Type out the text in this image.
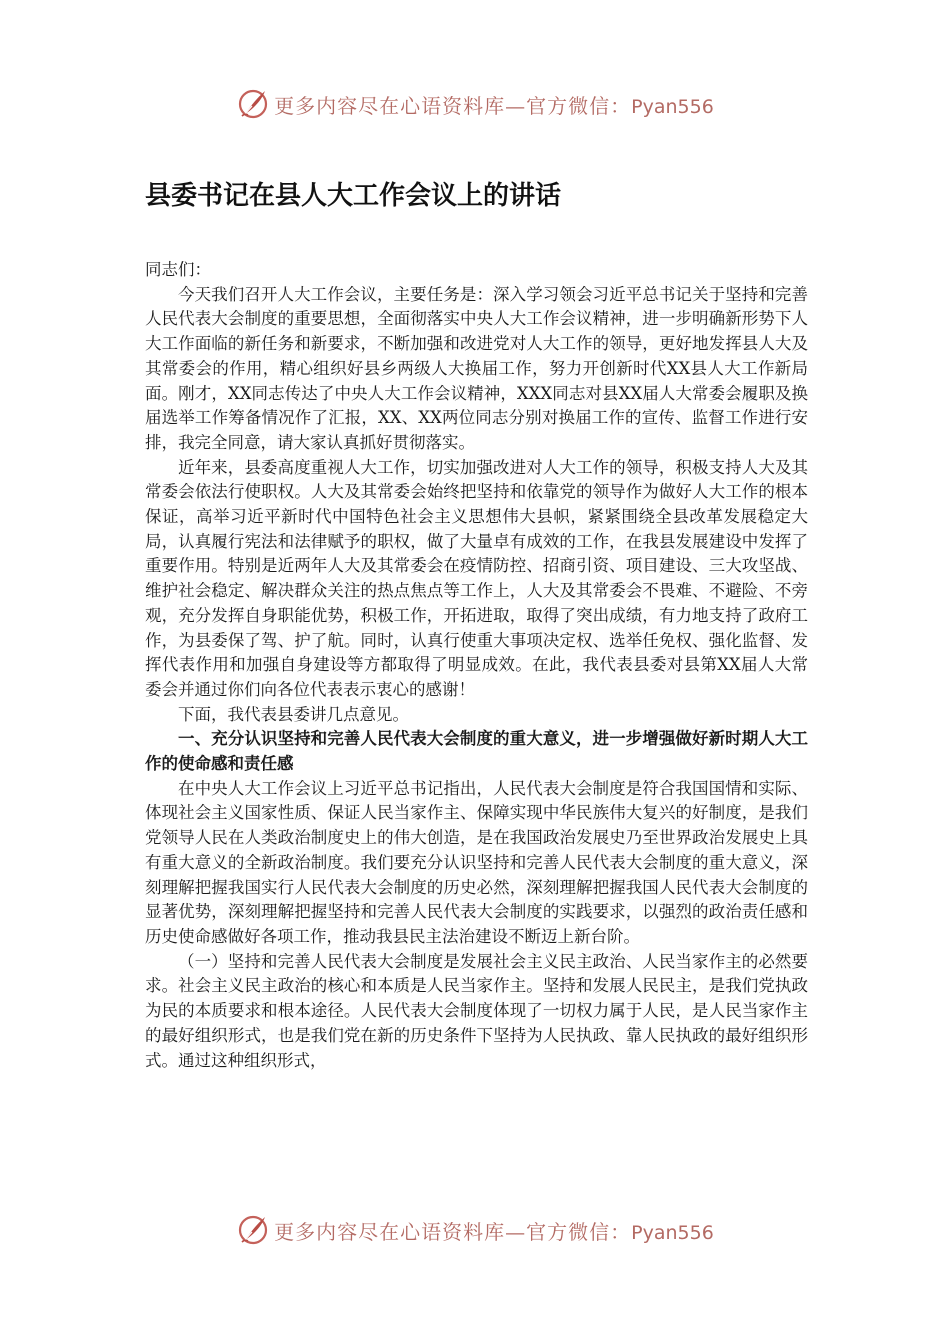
更多内容尽在心语资料库—官方微信：Pyan556
县委书记在县人大工作会议上的讲话

同志们：

今天我们召开人大工作会议，主要任务是：深入学习领会习近平总书记关于坚持和完善人民代表大会制度的重要思想，全面彻落实中央人大工作会议精神，进一步明确新形势下人大工作面临的新任务和新要求，不断加强和改进党对人大工作的领导，更好地发挥县人大及其常委会的作用，精心组织好县乡两级人大换届工作，努力开创新时代XX县人大工作新局面。刚才，XX同志传达了中央人大工作会议精神，XXX同志对县XX届人大常委会履职及换届选举工作筹备情况作了汇报，XX、XX两位同志分别对换届工作的宣传、监督工作进行安排，我完全同意，请大家认真抓好贯彻落实。

近年来，县委高度重视人大工作，切实加强改进对人大工作的领导，积极支持人大及其常委会依法行使职权。人大及其常委会始终把坚持和依靠党的领导作为做好人大工作的根本保证，高举习近平新时代中国特色社会主义思想伟大县帜，紧紧围绕全县改革发展稳定大局，认真履行宪法和法律赋予的职权，做了大量卓有成效的工作，在我县发展建设中发挥了重要作用。特别是近两年人大及其常委会在疫情防控、招商引资、项目建设、三大攻坚战、维护社会稳定、解决群众关注的热点焦点等工作上，人大及其常委会不畏难、不避险、不旁观，充分发挥自身职能优势，积极工作，开拓进取，取得了突出成绩，有力地支持了政府工作，为县委保了驾、护了航。同时，认真行使重大事项决定权、选举任免权、强化监督、发挥代表作用和加强自身建设等方都取得了明显成效。在此，我代表县委对县第XX届人大常委会并通过你们向各位代表表示衷心的感谢！

下面，我代表县委讲几点意见。

一、充分认识坚持和完善人民代表大会制度的重大意义，进一步增强做好新时期人大工作的使命感和责任感

在中央人大工作会议上习近平总书记指出，人民代表大会制度是符合我国国情和实际、体现社会主义国家性质、保证人民当家作主、保障实现中华民族伟大复兴的好制度，是我们党领导人民在人类政治制度史上的伟大创造，是在我国政治发展史乃至世界政治发展史上具有重大意义的全新政治制度。我们要充分认识坚持和完善人民代表大会制度的重大意义，深刻理解把握我国实行人民代表大会制度的历史必然，深刻理解把握我国人民代表大会制度的显著优势，深刻理解把握坚持和完善人民代表大会制度的实践要求，以强烈的政治责任感和历史使命感做好各项工作，推动我县民主法治建设不断迈上新台阶。

（一）坚持和完善人民代表大会制度是发展社会主义民主政治、人民当家作主的必然要求。社会主义民主政治的核心和本质是人民当家作主。坚持和发展人民民主，是我们党执政为民的本质要求和根本途径。人民代表大会制度体现了一切权力属于人民，是人民当家作主的最好组织形式，也是我们党在新的历史条件下坚持为人民执政、靠人民执政的最好组织形式。通过这种组织形式，

更多内容尽在心语资料库—官方微信：Pyan556
